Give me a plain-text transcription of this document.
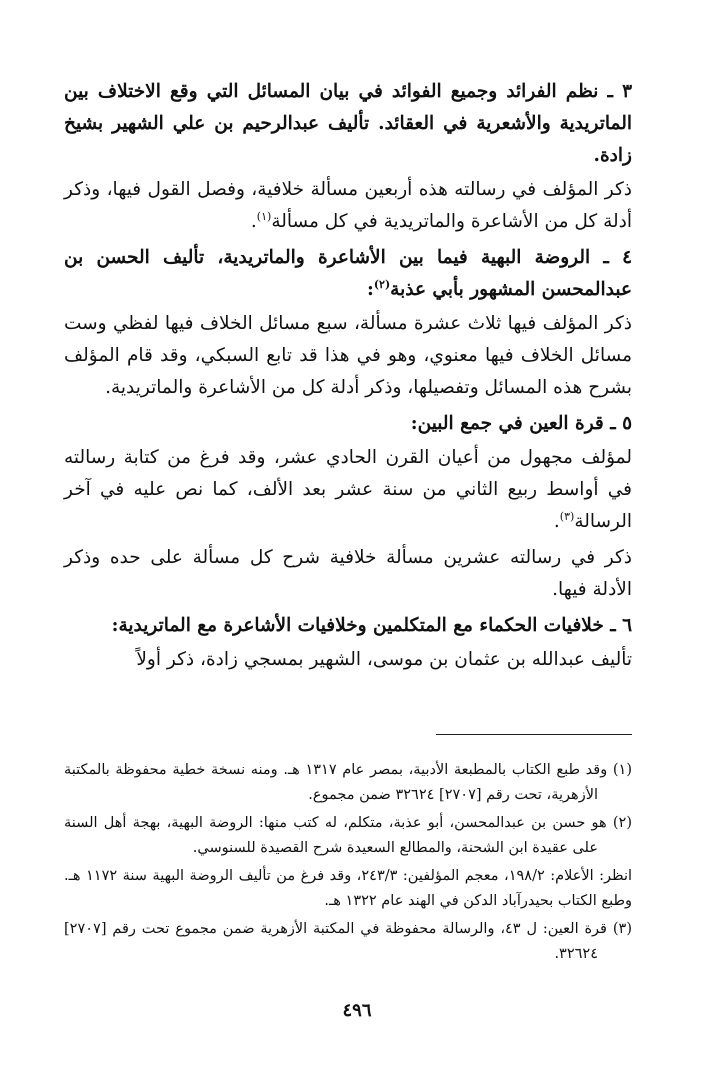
٣ ـ نظم الفرائد وجميع الفوائد في بيان المسائل التي وقع الاختلاف بين الماتريدية والأشعرية في العقائد. تأليف عبدالرحيم بن علي الشهير بشيخ زادة.

ذكر المؤلف في رسالته هذه أربعين مسألة خلافية، وفصل القول فيها، وذكر أدلة كل من الأشاعرة والماتريدية في كل مسألة$^{(١)}$.

٤ ـ الروضة البهية فيما بين الأشاعرة والماتريدية، تأليف الحسن بن عبدالمحسن المشهور بأبي عذبة$^{(٢)}$:

ذكر المؤلف فيها ثلاث عشرة مسألة، سبع مسائل الخلاف فيها لفظي وست مسائل الخلاف فيها معنوي، وهو في هذا قد تابع السبكي، وقد قام المؤلف بشرح هذه المسائل وتفصيلها، وذكر أدلة كل من الأشاعرة والماتريدية.

٥ ـ قرة العين في جمع البين:

لمؤلف مجهول من أعيان القرن الحادي عشر، وقد فرغ من كتابة رسالته في أواسط ربيع الثاني من سنة عشر بعد الألف، كما نص عليه في آخر الرسالة$^{(٣)}$.

ذكر في رسالته عشرين مسألة خلافية شرح كل مسألة على حده وذكر الأدلة فيها.

٦ ـ خلافيات الحكماء مع المتكلمين وخلافيات الأشاعرة مع الماتريدية:

تأليف عبدالله بن عثمان بن موسى، الشهير بمسجي زادة، ذكر أولاً

(١) وقد طبع الكتاب بالمطبعة الأدبية، بمصر عام ١٣١٧ هـ. ومنه نسخة خطية محفوظة بالمكتبة الأزهرية، تحت رقم [٢٧٠٧] ٣٢٦٢٤ ضمن مجموع.

(٢) هو حسن بن عبدالمحسن، أبو عذبة، متكلم، له كتب منها: الروضة البهية، بهجة أهل السنة على عقيدة ابن الشحنة، والمطالع السعيدة شرح القصيدة للسنوسي.

انظر: الأعلام: ١٩٨/٢، معجم المؤلفين: ٢٤٣/٣، وقد فرغ من تأليف الروضة البهية سنة ١١٧٢ هـ. وطبع الكتاب بحيدرآباد الدكن في الهند عام ١٣٢٢ هـ.

(٣) قرة العين: ل ٤٣، والرسالة محفوظة في المكتبة الأزهرية ضمن مجموع تحت رقم [٢٧٠٧] ٣٢٦٢٤.

٤٩٦
